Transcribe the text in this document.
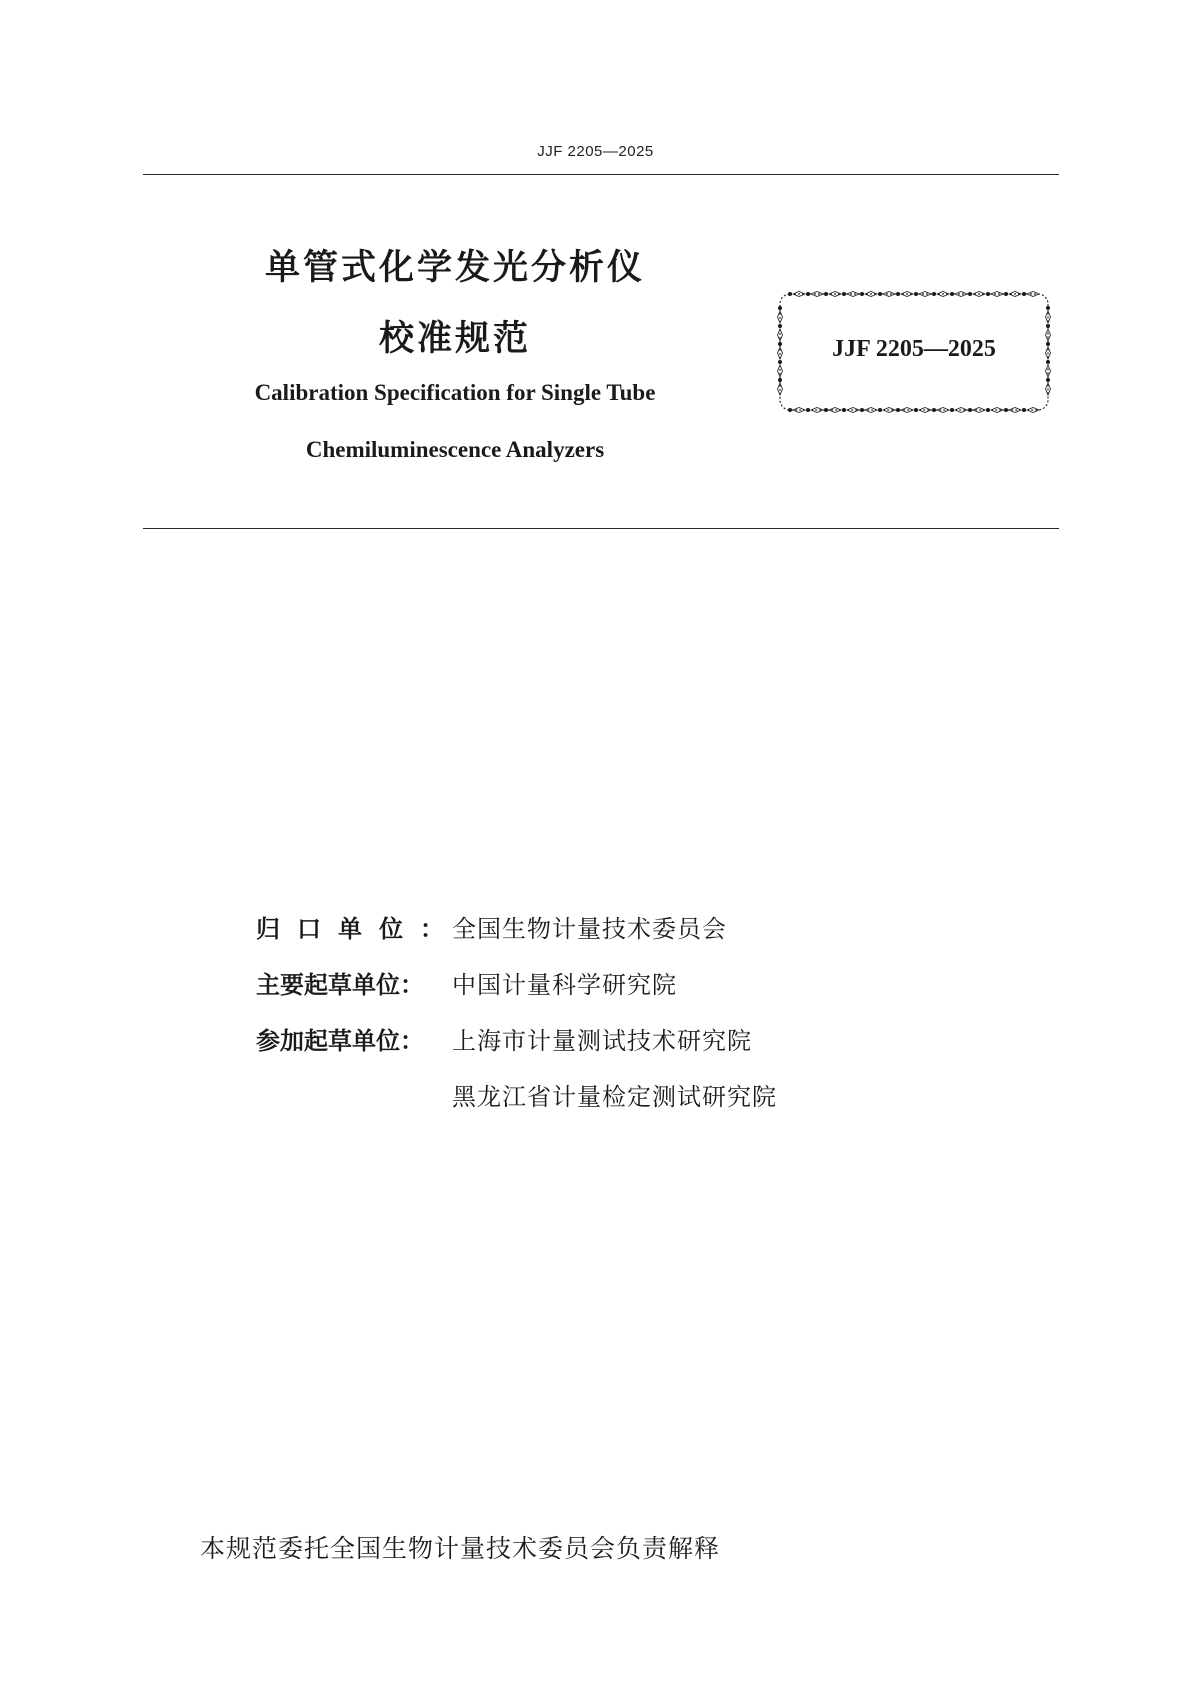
JJF 2205—2025
单管式化学发光分析仪
校准规范
Calibration Specification for Single Tube
Chemiluminescence Analyzers
JJF 2205—2025
归口单位：全国生物计量技术委员会
主要起草单位： 中国计量科学研究院
参加起草单位： 上海市计量测试技术研究院
黑龙江省计量检定测试研究院
本规范委托全国生物计量技术委员会负责解释
